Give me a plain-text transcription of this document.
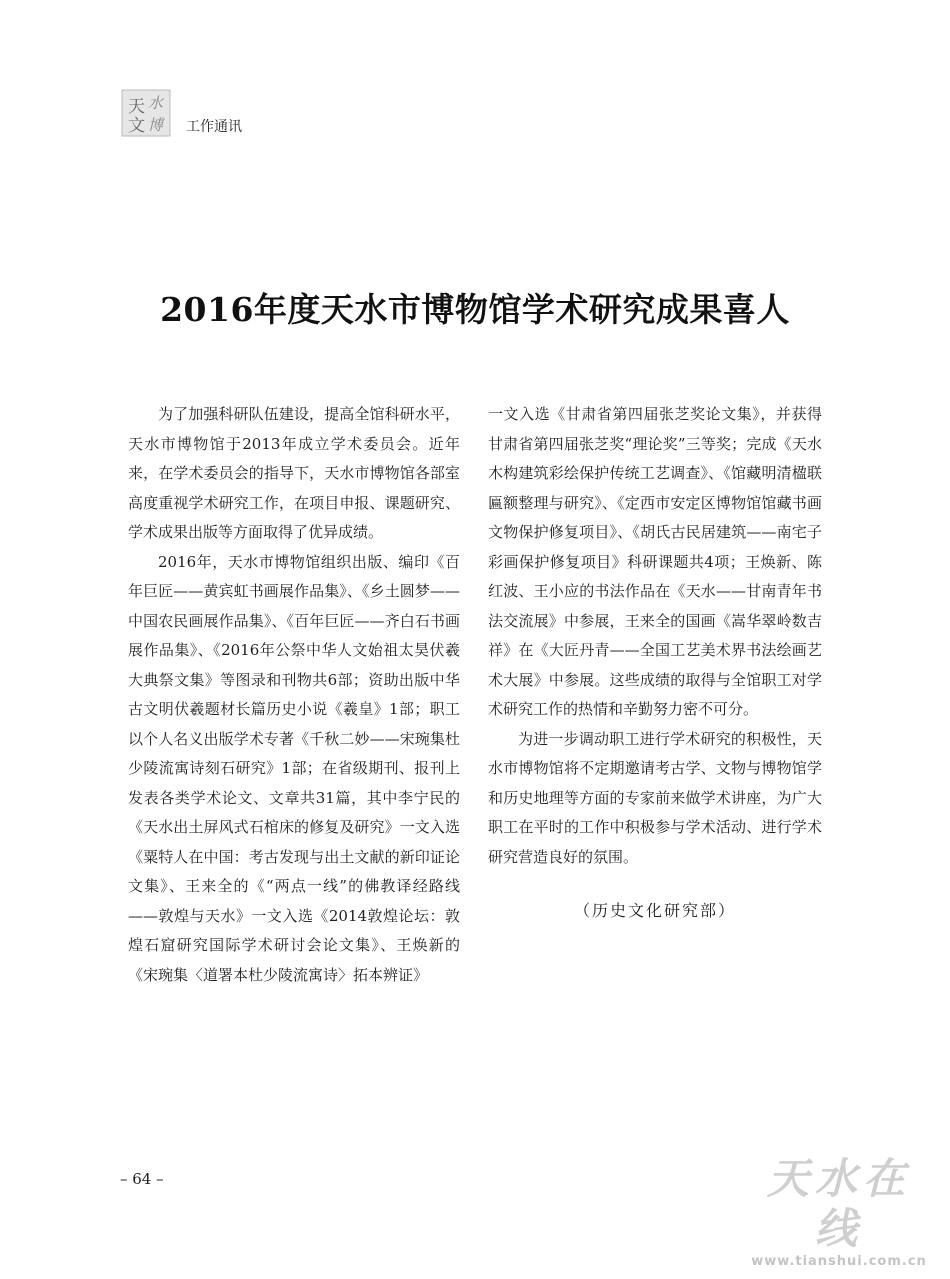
天 水
文 博 工作通讯
2016年度天水市博物馆学术研究成果喜人

为了加强科研队伍建设，提高全馆科研水平，天水市博物馆于2013年成立学术委员会。近年来，在学术委员会的指导下，天水市博物馆各部室高度重视学术研究工作，在项目申报、课题研究、学术成果出版等方面取得了优异成绩。

2016年，天水市博物馆组织出版、编印《百年巨匠——黄宾虹书画展作品集》、《乡土圆梦——中国农民画展作品集》、《百年巨匠——齐白石书画展作品集》、《2016年公祭中华人文始祖太昊伏羲大典祭文集》等图录和刊物共6部；资助出版中华古文明伏羲题材长篇历史小说《羲皇》1部；职工以个人名义出版学术专著《千秋二妙——宋琬集杜少陵流寓诗刻石研究》1部；在省级期刊、报刊上发表各类学术论文、文章共31篇，其中李宁民的《天水出土屏风式石棺床的修复及研究》一文入选《粟特人在中国：考古发现与出土文献的新印证论文集》、王来全的《“两点一线”的佛教译经路线——敦煌与天水》一文入选《2014敦煌论坛：敦煌石窟研究国际学术研讨会论文集》、王焕新的《宋琬集〈道署本杜少陵流寓诗〉拓本辨证》

一文入选《甘肃省第四届张芝奖论文集》，并获得甘肃省第四届张芝奖“理论奖”三等奖；完成《天水木构建筑彩绘保护传统工艺调查》、《馆藏明清楹联匾额整理与研究》、《定西市安定区博物馆馆藏书画文物保护修复项目》、《胡氏古民居建筑——南宅子彩画保护修复项目》科研课题共4项；王焕新、陈红波、王小应的书法作品在《天水——甘南青年书法交流展》中参展，王来全的国画《嵩华翠岭数吉祥》在《大匠丹青——全国工艺美术界书法绘画艺术大展》中参展。这些成绩的取得与全馆职工对学术研究工作的热情和辛勤努力密不可分。

为进一步调动职工进行学术研究的积极性，天水市博物馆将不定期邀请考古学、文物与博物馆学和历史地理等方面的专家前来做学术讲座，为广大职工在平时的工作中积极参与学术活动、进行学术研究营造良好的氛围。

（历史文化研究部）

– 64 –	天水在线
www.tianshui.com.cn
